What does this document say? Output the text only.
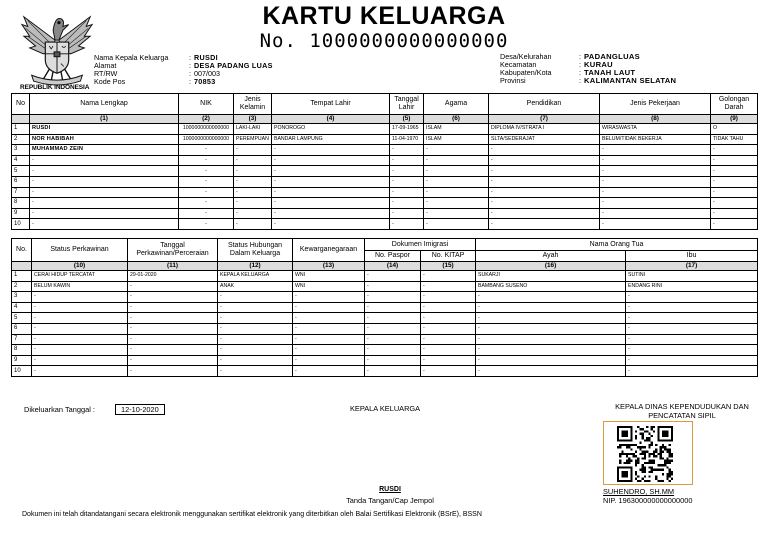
REPUBLIK INDONESIA
KARTU KELUARGA
No. 1000000000000000
Nama Kepala Keluarga	: RUSDI
Alamat	: DESA PADANG LUAS
RT/RW	: 007/003
Kode Pos	: 70853
Desa/Kelurahan	: PADANGLUAS
Kecamatan	: KURAU
Kabupaten/Kota	: TANAH LAUT
Provinsi	: KALIMANTAN SELATAN
No	Nama Lengkap	NIK	Jenis Kelamin	Tempat Lahir	Tanggal Lahir	Agama	Pendidikan	Jenis Pekerjaan	Golongan Darah
	(1)	(2)	(3)	(4)	(5)	(6)	(7)	(8)	(9)
1	RUSDI	1000000000000000	LAKI-LAKI	PONOROGO	17-09-1965	ISLAM	DIPLOMA IV/STRATA I	WIRASWASTA	O
2	NOR HABIBAH	1000000000000000	PEREMPUAN	BANDAR LAMPUNG	11-04-1970	ISLAM	SLTA/SEDERAJAT	BELUM/TIDAK BEKERJA	TIDAK TAHU
3	MUHAMMAD ZEIN	-	-	-	-	-	-	-	-
4	-	-	-	-	-	-	-	-	-
5	-	-	-	-	-	-	-	-	-
6	-	-	-	-	-	-	-	-	-
7	-	-	-	-	-	-	-	-	-
8	-	-	-	-	-	-	-	-	-
9	-	-	-	-	-	-	-	-	-
10	-	-	-	-	-	-	-	-	-
No.	Status Perkawinan	Tanggal Perkawinan/Perceraian	Status Hubungan Dalam Keluarga	Kewarganegaraan	Dokumen Imigrasi		Nama Orang Tua	
					No. Paspor	No. KITAP	Ayah	Ibu
	(10)	(11)	(12)	(13)	(14)	(15)	(16)	(17)
1	CERAI HIDUP TERCATAT	29-01-2020	KEPALA KELUARGA	WNI	-	-	SUKARJI	SUTINI
2	BELUM KAWIN	-	ANAK	WNI	-	-	BAMBANG SUSENO	ENDANG RINI
3	-	-	-	-	-	-	-	-
4	-	-	-	-	-	-	-	-
5	-	-	-	-	-	-	-	-
6	-	-	-	-	-	-	-	-
7	-	-	-	-	-	-	-	-
8	-	-	-	-	-	-	-	-
9	-	-	-	-	-	-	-	-
10	-	-	-	-	-	-	-	-
Dikeluarkan Tanggal :	12-10-2020	KEPALA KELUARGA	KEPALA DINAS KEPENDUDUKAN DAN
PENCATATAN SIPIL
RUSDI
Tanda Tangan/Cap Jempol
SUHENDRO, SH.MM
NIP. 196300000000000000
Dokumen ini telah ditandatangani secara elektronik menggunakan sertifikat elektronik yang diterbitkan oleh Balai Sertifikasi Elektronik (BSrE), BSSN
